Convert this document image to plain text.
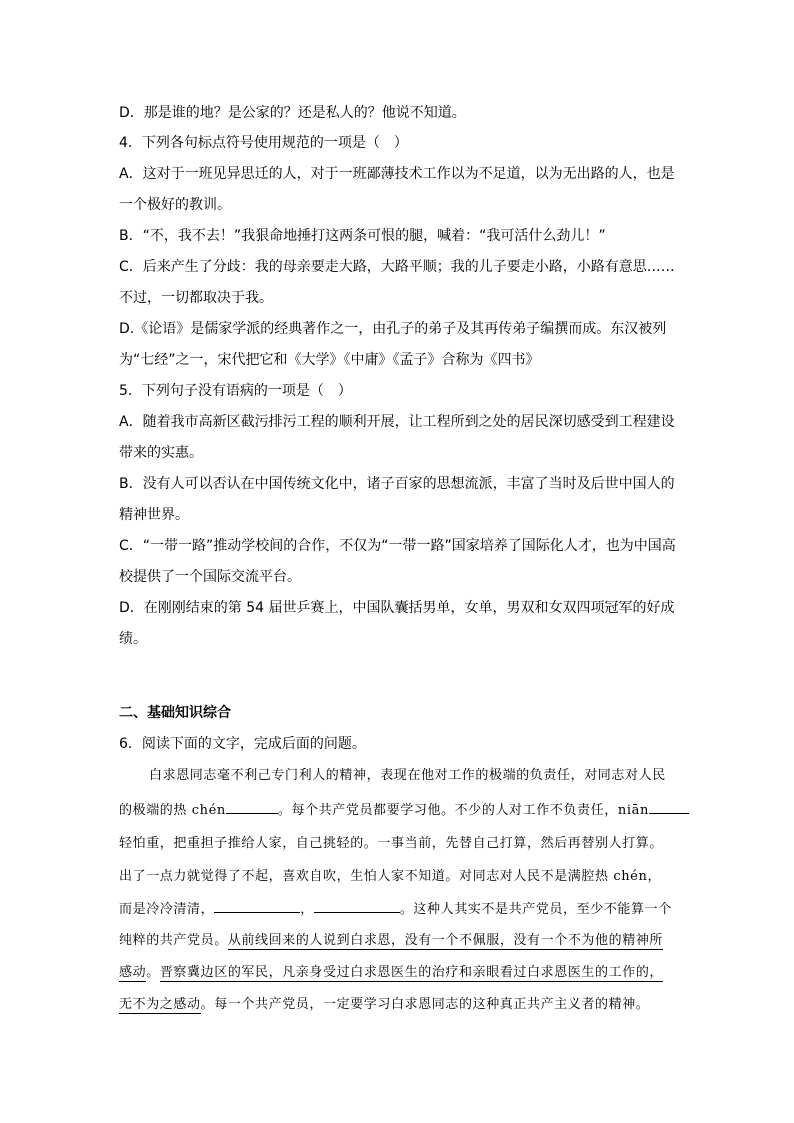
D．那是谁的地？是公家的？还是私人的？他说不知道。
4．下列各句标点符号使用规范的一项是（　）
A．这对于一班见异思迁的人，对于一班鄙薄技术工作以为不足道，以为无出路的人，也是
一个极好的教训。
B．“不，我不去！”我狠命地捶打这两条可恨的腿，喊着：“我可活什么劲儿！”
C．后来产生了分歧：我的母亲要走大路，大路平顺；我的儿子要走小路，小路有意思……
不过，一切都取决于我。
D.《论语》是儒家学派的经典著作之一，由孔子的弟子及其再传弟子编撰而成。东汉被列
为“七经”之一，宋代把它和《大学》《中庸》《孟子》合称为《四书》
5．下列句子没有语病的一项是（　）
A．随着我市高新区截污排污工程的顺利开展，让工程所到之处的居民深切感受到工程建设
带来的实惠。
B．没有人可以否认在中国传统文化中，诸子百家的思想流派，丰富了当时及后世中国人的
精神世界。
C．“一带一路”推动学校间的合作，不仅为“一带一路”国家培养了国际化人才，也为中国高
校提供了一个国际交流平台。
D．在刚刚结束的第 54 届世乒赛上，中国队囊括男单，女单，男双和女双四项冠军的好成
绩。
二、基础知识综合
6．阅读下面的文字，完成后面的问题。
白求恩同志毫不利己专门利人的精神，表现在他对工作的极端的负责任，对同志对人民
的极端的热 chén	。每个共产党员都要学习他。不少的人对工作不负责任，niān
轻怕重，把重担子推给人家，自己挑轻的。一事当前，先替自己打算，然后再替别人打算。
出了一点力就觉得了不起，喜欢自吹，生怕人家不知道。对同志对人民不是满腔热 chén，
而是冷冷清清，	，	。这种人其实不是共产党员，至少不能算一个
纯粹的共产党员。从前线回来的人说到白求恩，没有一个不佩服，没有一个不为他的精神所
感动。晋察冀边区的军民，凡亲身受过白求恩医生的治疗和亲眼看过白求恩医生的工作的，
无不为之感动。每一个共产党员，一定要学习白求恩同志的这种真正共产主义者的精神。
